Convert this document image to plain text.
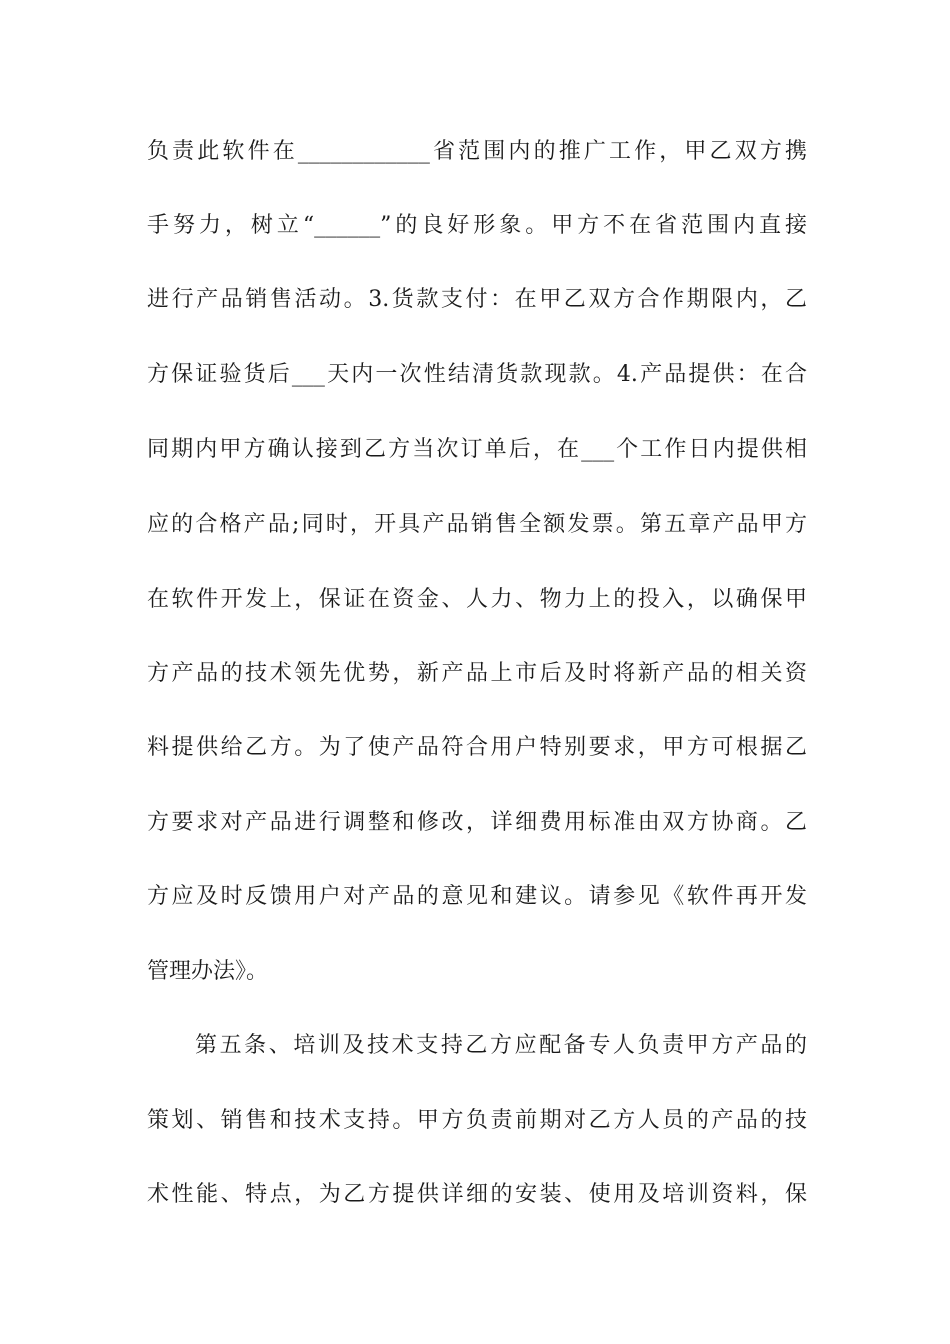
负责此软件在____________省范围内的推广工作，甲乙双方携
手努力，树立“______”的良好形象。甲方不在省范围内直接
进行产品销售活动。3.货款支付：在甲乙双方合作期限内，乙
方保证验货后___天内一次性结清货款现款。4.产品提供：在合
同期内甲方确认接到乙方当次订单后，在___个工作日内提供相
应的合格产品;同时，开具产品销售全额发票。第五章产品甲方
在软件开发上，保证在资金、人力、物力上的投入，以确保甲
方产品的技术领先优势，新产品上市后及时将新产品的相关资
料提供给乙方。为了使产品符合用户特别要求，甲方可根据乙
方要求对产品进行调整和修改，详细费用标准由双方协商。乙
方应及时反馈用户对产品的意见和建议。请参见《软件再开发
管理办法》。
第五条、培训及技术支持乙方应配备专人负责甲方产品的
策划、销售和技术支持。甲方负责前期对乙方人员的产品的技
术性能、特点，为乙方提供详细的安装、使用及培训资料，保
